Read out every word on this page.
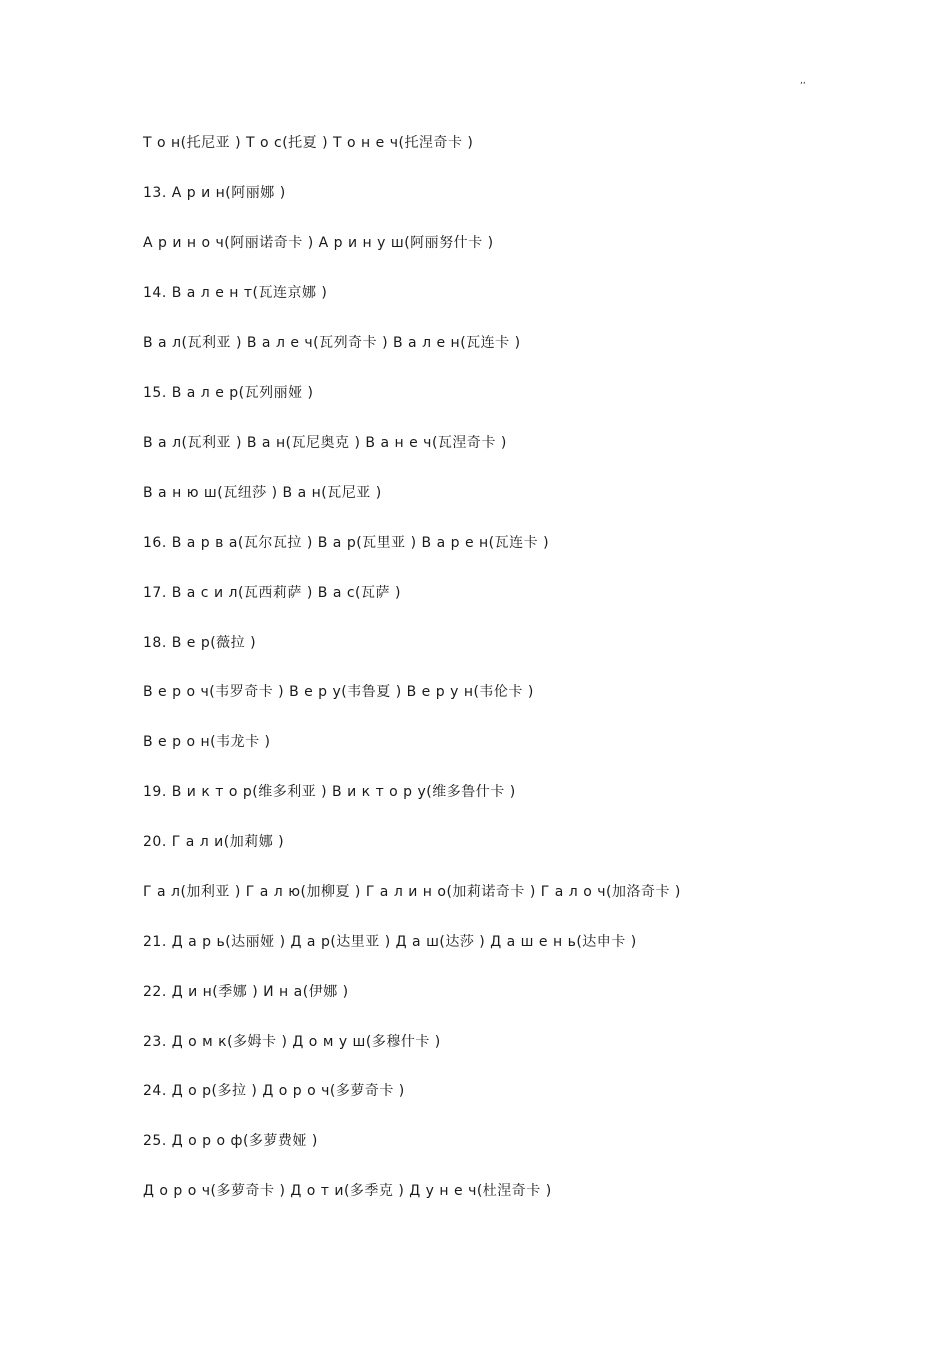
,,
Т о н(托尼亚 ) Т о с(托夏 ) Т о н е ч(托涅奇卡 )
13. А р и н(阿丽娜 )
А р и н о ч(阿丽诺奇卡 ) А р и н у ш(阿丽努什卡 )
14. В а л е н т(瓦连京娜 )
В а л(瓦利亚 ) В а л е ч(瓦列奇卡 ) В а л е н(瓦连卡 )
15. В а л е р(瓦列丽娅 )
В а л(瓦利亚 ) В а н(瓦尼奥克 ) В а н е ч(瓦涅奇卡 )
В а н ю ш(瓦纽莎 ) В а н(瓦尼亚 )
16. В а р в а(瓦尔瓦拉 ) В а р(瓦里亚 ) В а р е н(瓦连卡 )
17. В а с и л(瓦西莉萨 ) В а с(瓦萨 )
18. В е р(薇拉 )
В е р о ч(韦罗奇卡 ) В е р у(韦鲁夏 ) В е р у н(韦伦卡 )
В е р о н(韦龙卡 )
19. В и к т о р(维多利亚 ) В и к т о р у(维多鲁什卡 )
20. Г а л и(加莉娜 )
Г а л(加利亚 ) Г а л ю(加柳夏 ) Г а л и н о(加莉诺奇卡 ) Г а л о ч(加洛奇卡 )
21. Д а р ь(达丽娅 ) Д а р(达里亚 ) Д а ш(达莎 ) Д а ш е н ь(达申卡 )
22. Д и н(季娜 ) И н а(伊娜 )
23. Д о м к(多姆卡 ) Д о м у ш(多穆什卡 )
24. Д о р(多拉 ) Д о р о ч(多萝奇卡 )
25. Д о р о ф(多萝费娅 )
Д о р о ч(多萝奇卡 ) Д о т и(多季克 ) Д у н е ч(杜涅奇卡 )
